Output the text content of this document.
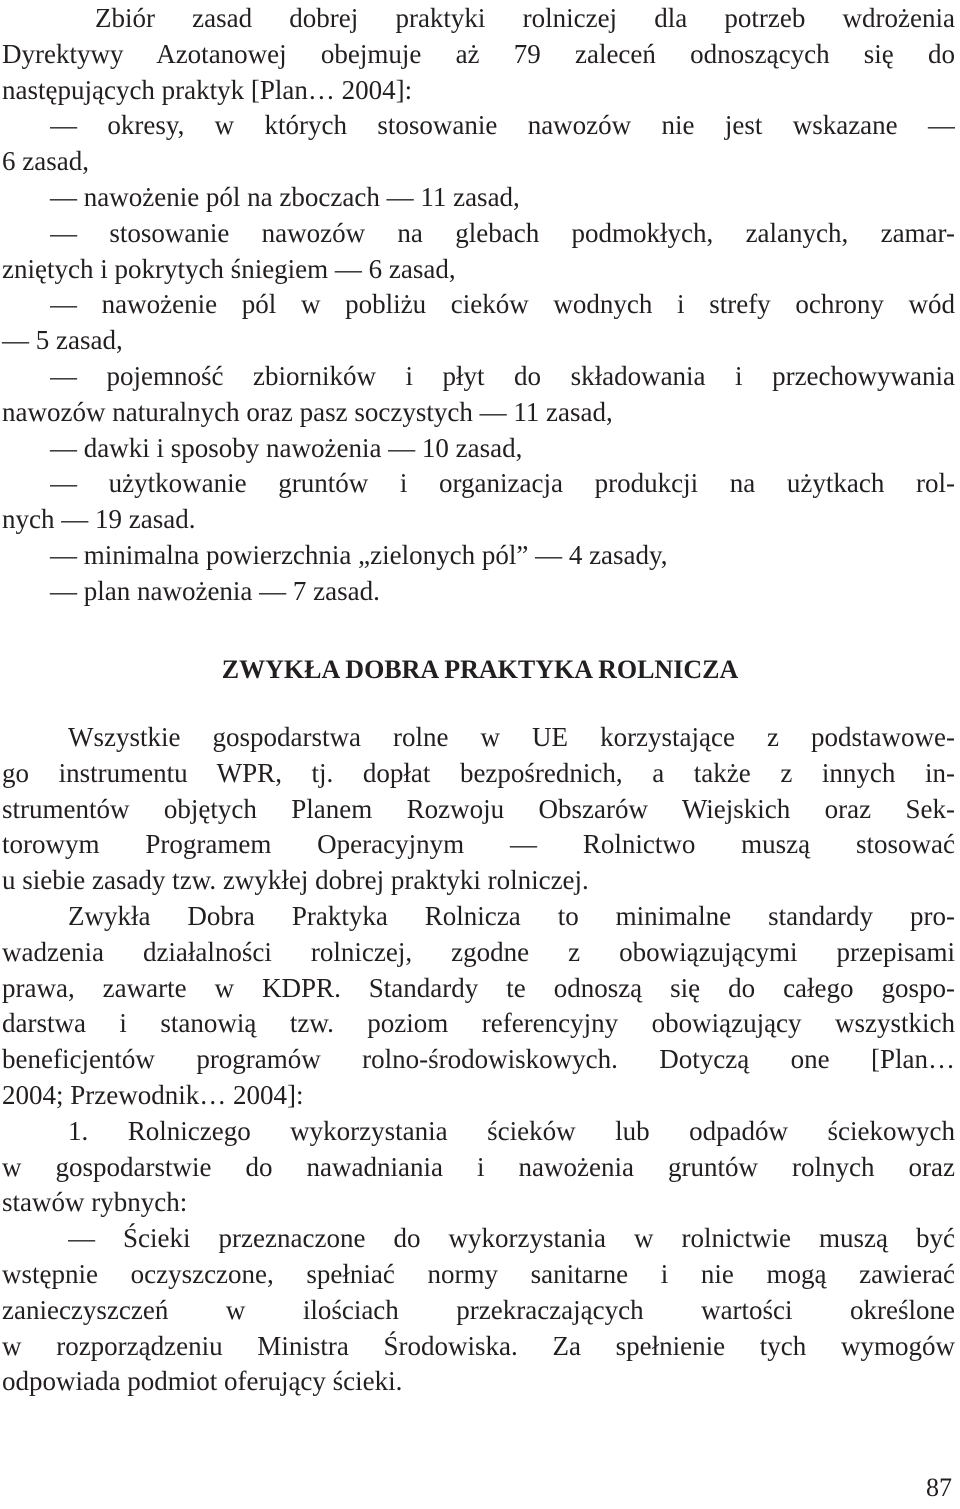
Zbiór zasad dobrej praktyki rolniczej dla potrzeb wdrożenia
Dyrektywy Azotanowej obejmuje aż 79 zaleceń odnoszących się do
następujących praktyk [Plan… 2004]:
— okresy, w których stosowanie nawozów nie jest wskazane —
6 zasad,
— nawożenie pól na zboczach — 11 zasad,
— stosowanie nawozów na glebach podmokłych, zalanych, zamar-
zniętych i pokrytych śniegiem — 6 zasad,
— nawożenie pól w pobliżu cieków wodnych i strefy ochrony wód
— 5 zasad,
— pojemność zbiorników i płyt do składowania i przechowywania
nawozów naturalnych oraz pasz soczystych — 11 zasad,
— dawki i sposoby nawożenia — 10 zasad,
— użytkowanie gruntów i organizacja produkcji na użytkach rol-
nych — 19 zasad.
— minimalna powierzchnia „zielonych pól” — 4 zasady,
— plan nawożenia — 7 zasad.
ZWYKŁA DOBRA PRAKTYKA ROLNICZA
Wszystkie gospodarstwa rolne w UE korzystające z podstawowe-
go instrumentu WPR, tj. dopłat bezpośrednich, a także z innych in-
strumentów objętych Planem Rozwoju Obszarów Wiejskich oraz Sek-
torowym Programem Operacyjnym — Rolnictwo muszą stosować
u siebie zasady tzw. zwykłej dobrej praktyki rolniczej.
Zwykła Dobra Praktyka Rolnicza to minimalne standardy pro-
wadzenia działalności rolniczej, zgodne z obowiązującymi przepisami
prawa, zawarte w KDPR. Standardy te odnoszą się do całego gospo-
darstwa i stanowią tzw. poziom referencyjny obowiązujący wszystkich
beneficjentów programów rolno-środowiskowych. Dotyczą one [Plan…
2004; Przewodnik… 2004]:
1. Rolniczego wykorzystania ścieków lub odpadów ściekowych
w gospodarstwie do nawadniania i nawożenia gruntów rolnych oraz
stawów rybnych:
— Ścieki przeznaczone do wykorzystania w rolnictwie muszą być
wstępnie oczyszczone, spełniać normy sanitarne i nie mogą zawierać
zanieczyszczeń w ilościach przekraczających wartości określone
w rozporządzeniu Ministra Środowiska. Za spełnienie tych wymogów
odpowiada podmiot oferujący ścieki.
87
